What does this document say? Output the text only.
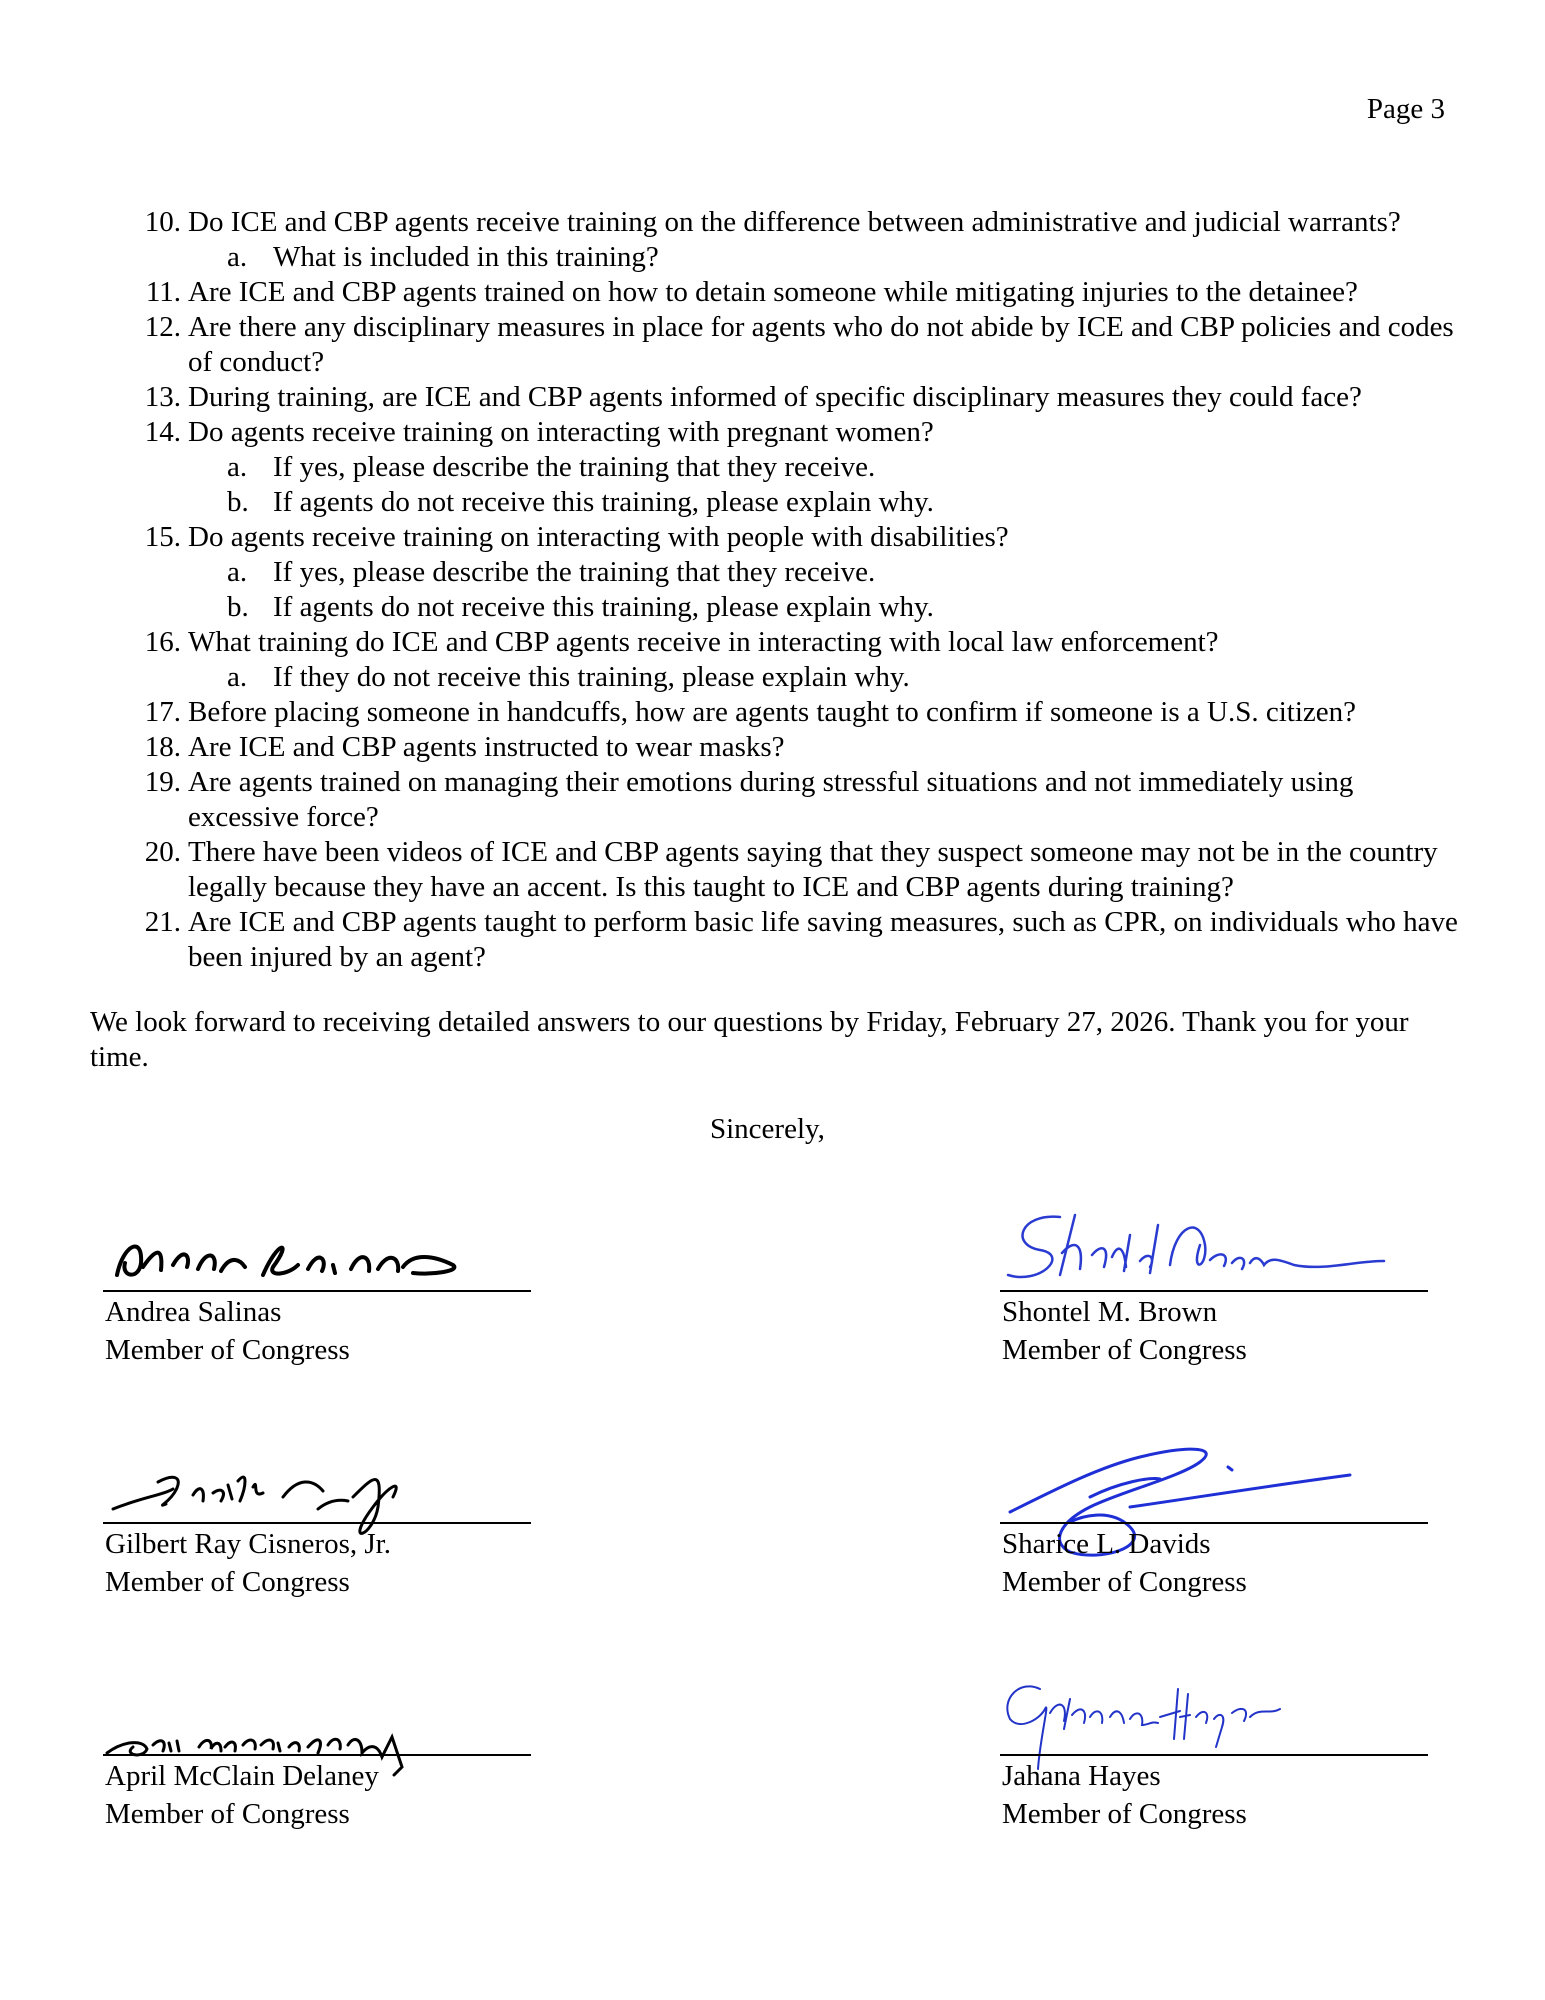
Page 3
10. Do ICE and CBP agents receive training on the difference between administrative and judicial warrants?
a. What is included in this training?
11. Are ICE and CBP agents trained on how to detain someone while mitigating injuries to the detainee?
12. Are there any disciplinary measures in place for agents who do not abide by ICE and CBP policies and codes of conduct?
13. During training, are ICE and CBP agents informed of specific disciplinary measures they could face?
14. Do agents receive training on interacting with pregnant women?
a. If yes, please describe the training that they receive.
b. If agents do not receive this training, please explain why.
15. Do agents receive training on interacting with people with disabilities?
a. If yes, please describe the training that they receive.
b. If agents do not receive this training, please explain why.
16. What training do ICE and CBP agents receive in interacting with local law enforcement?
a. If they do not receive this training, please explain why.
17. Before placing someone in handcuffs, how are agents taught to confirm if someone is a U.S. citizen?
18. Are ICE and CBP agents instructed to wear masks?
19. Are agents trained on managing their emotions during stressful situations and not immediately using excessive force?
20. There have been videos of ICE and CBP agents saying that they suspect someone may not be in the country legally because they have an accent. Is this taught to ICE and CBP agents during training?
21. Are ICE and CBP agents taught to perform basic life saving measures, such as CPR, on individuals who have been injured by an agent?
We look forward to receiving detailed answers to our questions by Friday, February 27, 2026. Thank you for your time.
Sincerely,
Andrea Salinas
Member of Congress
Shontel M. Brown
Member of Congress
Gilbert Ray Cisneros, Jr.
Member of Congress
Sharice L. Davids
Member of Congress
April McClain Delaney
Member of Congress
Jahana Hayes
Member of Congress
